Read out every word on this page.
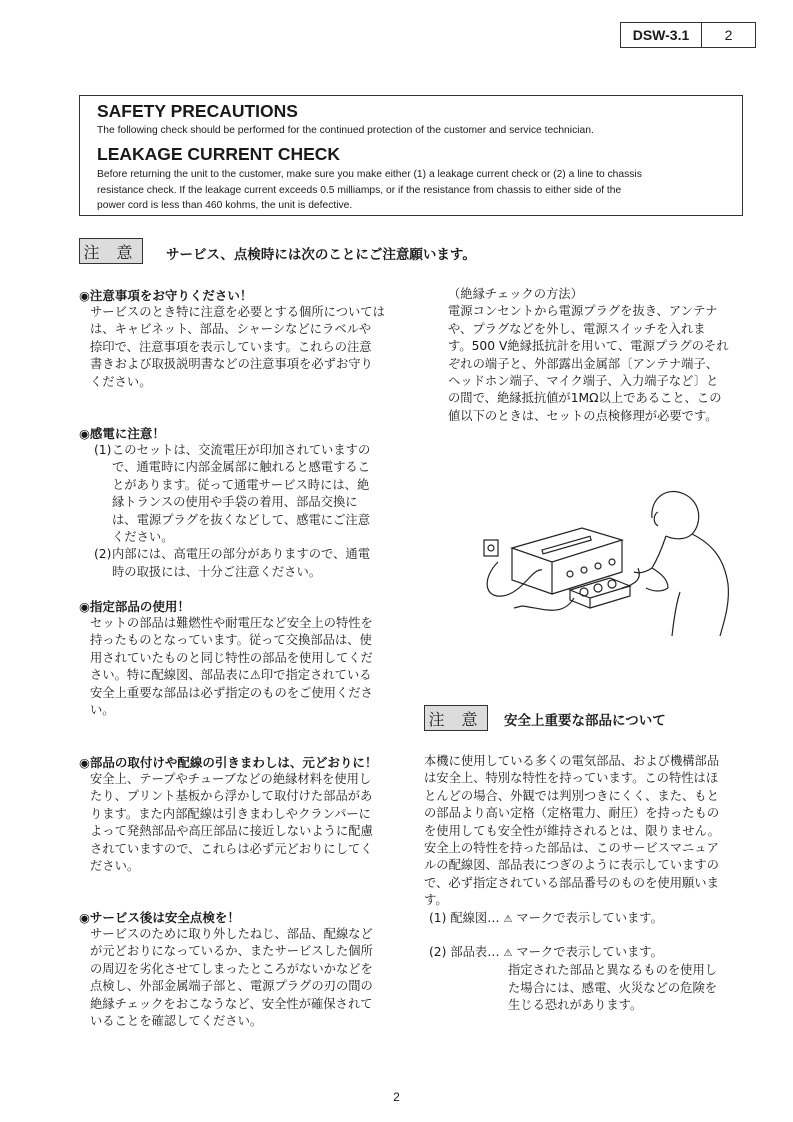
DSW-3.1	2
SAFETY PRECAUTIONS
The following check should be performed for the continued protection of the customer and service technician.
LEAKAGE CURRENT CHECK
Before returning the unit to the customer, make sure you make either (1) a leakage current check or (2) a line to chassis
resistance check. If the leakage current exceeds 0.5 milliamps, or if the resistance from chassis to either side of the
power cord is less than 460 kohms, the unit is defective.
注 意	サービス、点検時には次のことにご注意願います。
◉注意事項をお守りください！
サービスのとき特に注意を必要とする個所については
は、キャビネット、部品、シャーシなどにラベルや
捺印で、注意事項を表示しています。これらの注意
書きおよび取扱説明書などの注意事項を必ずお守り
ください。
◉感電に注意！
(1) このセットは、交流電圧が印加されていますの
で、通電時に内部金属部に触れると感電するこ
とがあります。従って通電サービス時には、絶
縁トランスの使用や手袋の着用、部品交換に
は、電源プラグを抜くなどして、感電にご注意
ください。
(2) 内部には、高電圧の部分がありますので、通電
時の取扱には、十分ご注意ください。
◉指定部品の使用！
セットの部品は難燃性や耐電圧など安全上の特性を
持ったものとなっています。従って交換部品は、使
用されていたものと同じ特性の部品を使用してくだ
さい。特に配線図、部品表に⚠印で指定されている
安全上重要な部品は必ず指定のものをご使用くださ
い。
◉部品の取付けや配線の引きまわしは、元どおりに！
安全上、テープやチューブなどの絶縁材料を使用し
たり、プリント基板から浮かして取付けた部品があ
ります。また内部配線は引きまわしやクランパーに
よって発熱部品や高圧部品に接近しないように配慮
されていますので、これらは必ず元どおりにしてく
ださい。
◉サービス後は安全点検を！
サービスのために取り外したねじ、部品、配線など
が元どおりになっているか、またサービスした個所
の周辺を劣化させてしまったところがないかなどを
点検し、外部金属端子部と、電源プラグの刃の間の
絶縁チェックをおこなうなど、安全性が確保されて
いることを確認してください。
（絶縁チェックの方法）
電源コンセントから電源プラグを抜き、アンテナ
や、プラグなどを外し、電源スイッチを入れま
す。500 V絶縁抵抗計を用いて、電源プラグのそれ
ぞれの端子と、外部露出金属部〔アンテナ端子、
ヘッドホン端子、マイク端子、入力端子など〕と
の間で、絶縁抵抗値が1MΩ以上であること、この
値以下のときは、セットの点検修理が必要です。
注 意	安全上重要な部品について
本機に使用している多くの電気部品、および機構部品
は安全上、特別な特性を持っています。この特性はほ
とんどの場合、外観では判別つきにくく、また、もと
の部品より高い定格（定格電力、耐圧）を持ったもの
を使用しても安全性が維持されるとは、限りません。
安全上の特性を持った部品は、このサービスマニュア
ルの配線図、部品表につぎのように表示していますの
で、必ず指定されている部品番号のものを使用願いま
す。
(1) 配線図… ⚠ マークで表示しています。
(2) 部品表… ⚠ マークで表示しています。
指定された部品と異なるものを使用し
た場合には、感電、火災などの危険を
生じる恐れがあります。
2
